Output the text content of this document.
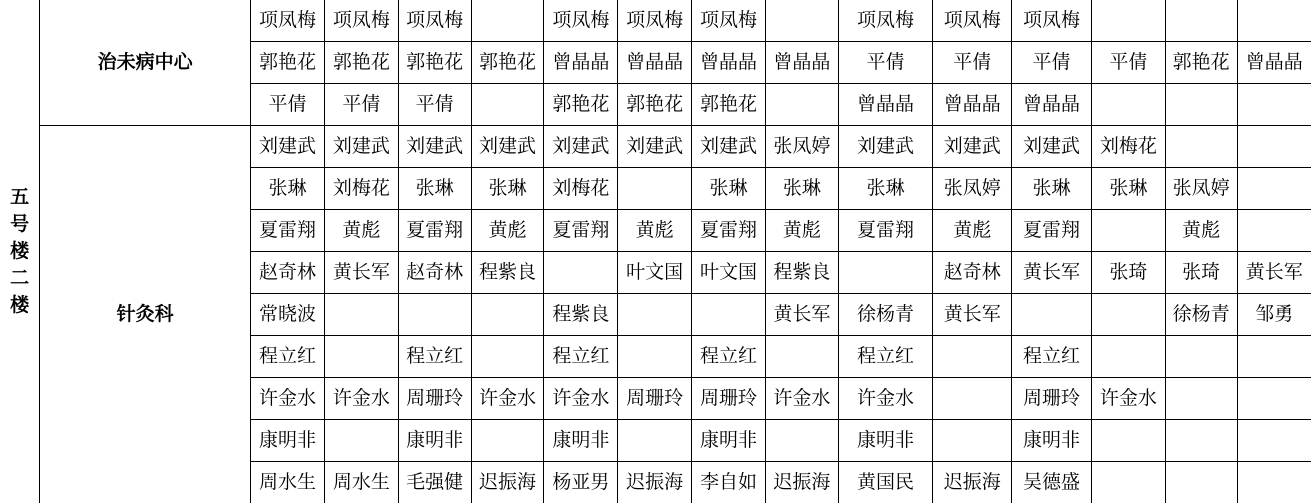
五
号
楼
二
楼	治未病中心	项凤梅	项凤梅	项凤梅		项凤梅	项凤梅	项凤梅		项凤梅	项凤梅	项凤梅			
		郭艳花	郭艳花	郭艳花	郭艳花	曾晶晶	曾晶晶	曾晶晶	曾晶晶	平倩	平倩	平倩	平倩	郭艳花	曾晶晶
		平倩	平倩	平倩		郭艳花	郭艳花	郭艳花		曾晶晶	曾晶晶	曾晶晶			
	针灸科	刘建武	刘建武	刘建武	刘建武	刘建武	刘建武	刘建武	张凤婷	刘建武	刘建武	刘建武	刘梅花		
		张琳	刘梅花	张琳	张琳	刘梅花		张琳	张琳	张琳	张凤婷	张琳	张琳	张凤婷	
		夏雷翔	黄彪	夏雷翔	黄彪	夏雷翔	黄彪	夏雷翔	黄彪	夏雷翔	黄彪	夏雷翔		黄彪	
		赵奇林	黄长军	赵奇林	程紫良		叶文国	叶文国	程紫良		赵奇林	黄长军	张琦	张琦	黄长军
		常晓波				程紫良			黄长军	徐杨青	黄长军			徐杨青	邹勇
		程立红		程立红		程立红		程立红		程立红		程立红			
		许金水	许金水	周珊玲	许金水	许金水	周珊玲	周珊玲	许金水	许金水		周珊玲	许金水		
		康明非		康明非		康明非		康明非		康明非		康明非			
		周水生	周水生	毛强健	迟振海	杨亚男	迟振海	李自如	迟振海	黄国民	迟振海	吴德盛			
